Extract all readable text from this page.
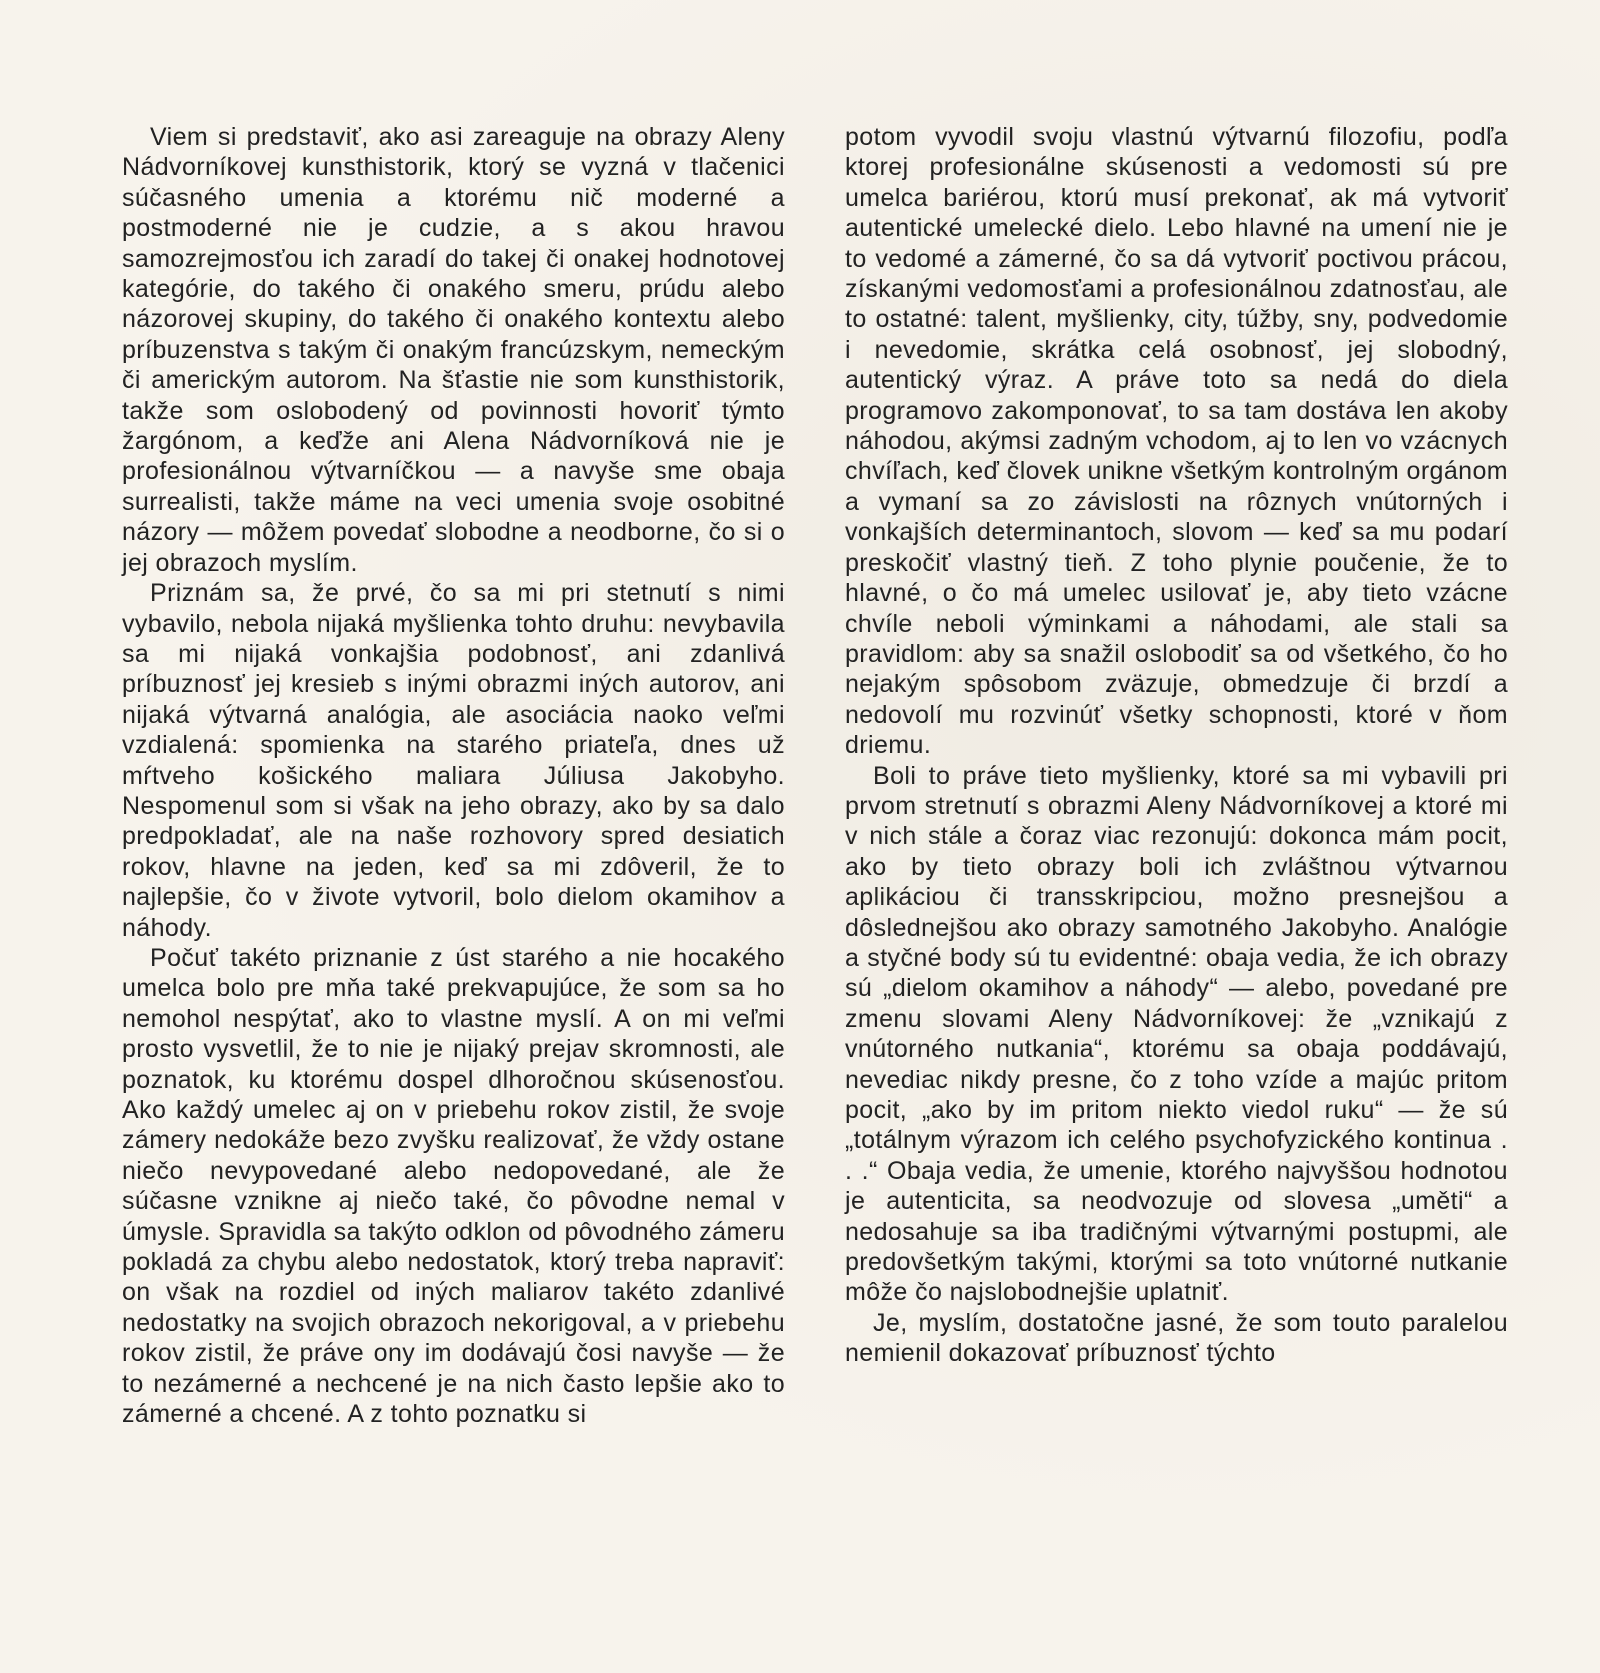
Viem si predstaviť, ako asi zareaguje na obrazy Aleny Nádvorníkovej kunsthistorik, ktorý se vyzná v tlačenici súčasného umenia a ktorému nič moderné a postmoderné nie je cudzie, a s akou hravou samozrejmosťou ich zaradí do takej či onakej hodnotovej kategórie, do takého či onakého smeru, prúdu alebo názorovej skupiny, do takého či onakého kontextu alebo príbuzenstva s takým či onakým francúzskym, nemeckým či americkým autorom. Na šťastie nie som kunsthistorik, takže som oslobodený od povinnosti hovoriť týmto žargónom, a keďže ani Alena Nádvorníková nie je profesionálnou výtvarníčkou — a navyše sme obaja surrealisti, takže máme na veci umenia svoje osobitné názory — môžem povedať slobodne a neodborne, čo si o jej obrazoch myslím.

Priznám sa, že prvé, čo sa mi pri stetnutí s nimi vybavilo, nebola nijaká myšlienka tohto druhu: nevybavila sa mi nijaká vonkajšia podobnosť, ani zdanlivá príbuznosť jej kresieb s inými obrazmi iných autorov, ani nijaká výtvarná analógia, ale asociácia naoko veľmi vzdialená: spomienka na starého priateľa, dnes už mŕtveho košického maliara Júliusa Jakobyho. Nespomenul som si však na jeho obrazy, ako by sa dalo predpokladať, ale na naše rozhovory spred desiatich rokov, hlavne na jeden, keď sa mi zdôveril, že to najlepšie, čo v živote vytvoril, bolo dielom okamihov a náhody.

Počuť takéto priznanie z úst starého a nie hocakého umelca bolo pre mňa také prekvapujúce, že som sa ho nemohol nespýtať, ako to vlastne myslí. A on mi veľmi prosto vysvetlil, že to nie je nijaký prejav skromnosti, ale poznatok, ku ktorému dospel dlhoročnou skúsenosťou. Ako každý umelec aj on v priebehu rokov zistil, že svoje zámery nedokáže bezo zvyšku realizovať, že vždy ostane niečo nevypovedané alebo nedopovedané, ale že súčasne vznikne aj niečo také, čo pôvodne nemal v úmysle. Spravidla sa takýto odklon od pôvodného zámeru pokladá za chybu alebo nedostatok, ktorý treba napraviť: on však na rozdiel od iných maliarov takéto zdanlivé nedostatky na svojich obrazoch nekorigoval, a v priebehu rokov zistil, že práve ony im dodávajú čosi navyše — že to nezámerné a nechcené je na nich často lepšie ako to zámerné a chcené. A z tohto poznatku si

potom vyvodil svoju vlastnú výtvarnú filozofiu, podľa ktorej profesionálne skúsenosti a vedomosti sú pre umelca bariérou, ktorú musí prekonať, ak má vytvoriť autentické umelecké dielo. Lebo hlavné na umení nie je to vedomé a zámerné, čo sa dá vytvoriť poctivou prácou, získanými vedomosťami a profesionálnou zdatnosťau, ale to ostatné: talent, myšlienky, city, túžby, sny, podvedomie i nevedomie, skrátka celá osobnosť, jej slobodný, autentický výraz. A práve toto sa nedá do diela programovo zakomponovať, to sa tam dostáva len akoby náhodou, akýmsi zadným vchodom, aj to len vo vzácnych chvíľach, keď človek unikne všetkým kontrolným orgánom a vymaní sa zo závislosti na rôznych vnútorných i vonkajších determinantoch, slovom — keď sa mu podarí preskočiť vlastný tieň. Z toho plynie poučenie, že to hlavné, o čo má umelec usilovať je, aby tieto vzácne chvíle neboli výminkami a náhodami, ale stali sa pravidlom: aby sa snažil oslobodiť sa od všetkého, čo ho nejakým spôsobom zväzuje, obmedzuje či brzdí a nedovolí mu rozvinúť všetky schopnosti, ktoré v ňom driemu.

Boli to práve tieto myšlienky, ktoré sa mi vybavili pri prvom stretnutí s obrazmi Aleny Nádvorníkovej a ktoré mi v nich stále a čoraz viac rezonujú: dokonca mám pocit, ako by tieto obrazy boli ich zvláštnou výtvarnou aplikáciou či transskripciou, možno presnejšou a dôslednejšou ako obrazy samotného Jakobyho. Analógie a styčné body sú tu evidentné: obaja vedia, že ich obrazy sú „dielom okamihov a náhody“ — alebo, povedané pre zmenu slovami Aleny Nádvorníkovej: že „vznikajú z vnútorného nutkania“, ktorému sa obaja poddávajú, nevediac nikdy presne, čo z toho vzíde a majúc pritom pocit, „ako by im pritom niekto viedol ruku“ — že sú „totálnym výrazom ich celého psychofyzického kontinua . . .“ Obaja vedia, že umenie, ktorého najvyššou hodnotou je autenticita, sa neodvozuje od slovesa „uměti“ a nedosahuje sa iba tradičnými výtvarnými postupmi, ale predovšetkým takými, ktorými sa toto vnútorné nutkanie môže čo najslobodnejšie uplatniť.

Je, myslím, dostatočne jasné, že som touto paralelou nemienil dokazovať príbuznosť týchto
